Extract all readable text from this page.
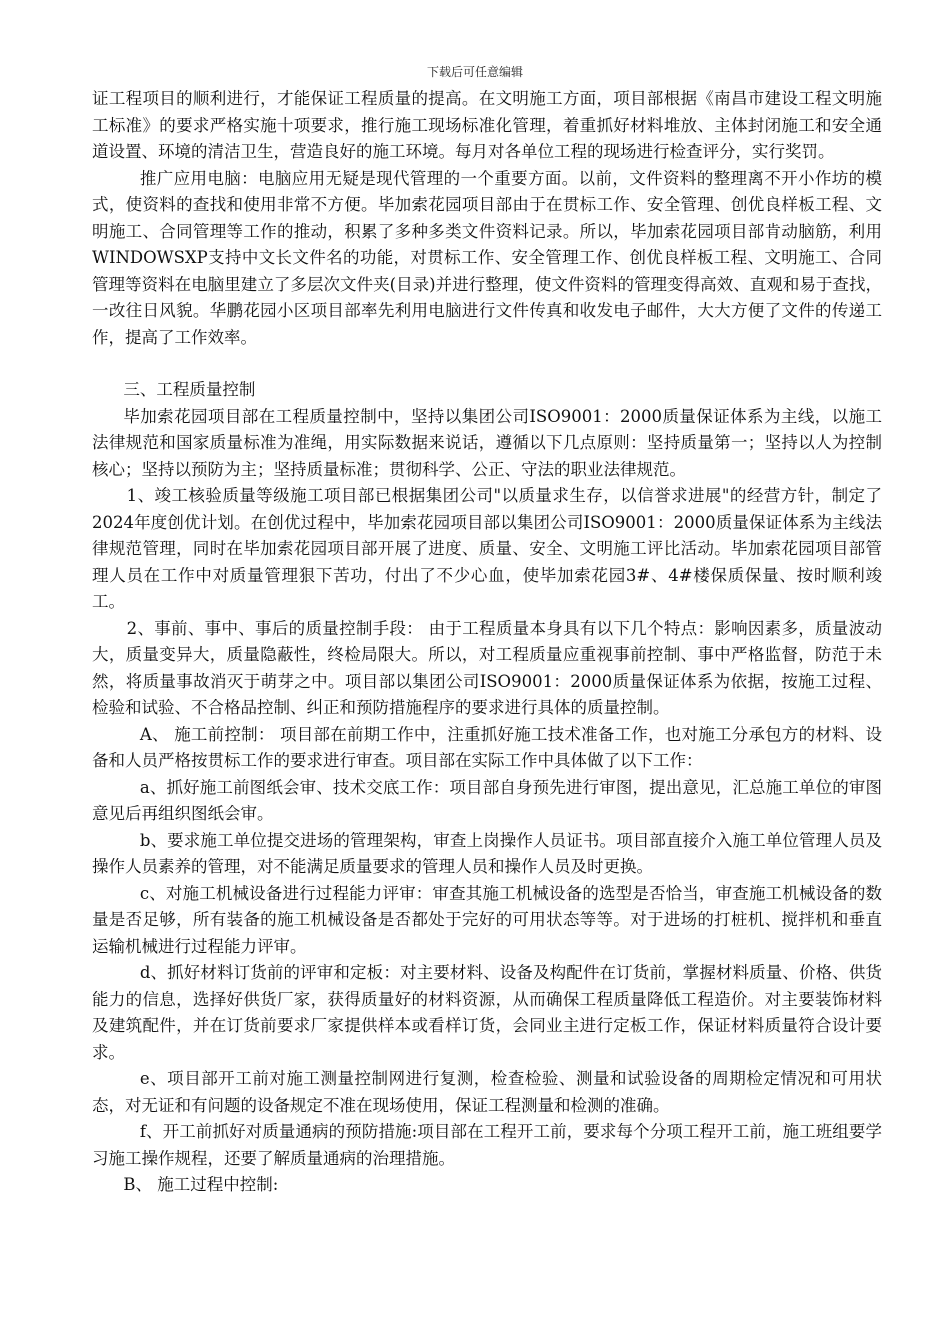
下载后可任意编辑

证工程项目的顺利进行，才能保证工程质量的提高。在文明施工方面，项目部根据《南昌市建设工程文明施工标准》的要求严格实施十项要求，推行施工现场标准化管理，着重抓好材料堆放、主体封闭施工和安全通道设置、环境的清洁卫生，营造良好的施工环境。每月对各单位工程的现场进行检查评分，实行奖罚。

推广应用电脑：电脑应用无疑是现代管理的一个重要方面。以前，文件资料的整理离不开小作坊的模式，使资料的查找和使用非常不方便。毕加索花园项目部由于在贯标工作、安全管理、创优良样板工程、文明施工、合同管理等工作的推动，积累了多种多类文件资料记录。所以，毕加索花园项目部肯动脑筋，利用WINDOWSXP支持中文长文件名的功能，对贯标工作、安全管理工作、创优良样板工程、文明施工、合同管理等资料在电脑里建立了多层次文件夹(目录)并进行整理，使文件资料的管理变得高效、直观和易于查找，一改往日风貌。华鹏花园小区项目部率先利用电脑进行文件传真和收发电子邮件，大大方便了文件的传递工作，提高了工作效率。

三、工程质量控制

毕加索花园项目部在工程质量控制中，坚持以集团公司ISO9001：2000质量保证体系为主线，以施工法律规范和国家质量标准为准绳，用实际数据来说话，遵循以下几点原则：坚持质量第一；坚持以人为控制核心；坚持以预防为主；坚持质量标准；贯彻科学、公正、守法的职业法律规范。

1、竣工核验质量等级施工项目部已根据集团公司"以质量求生存，以信誉求进展"的经营方针，制定了2024年度创优计划。在创优过程中，毕加索花园项目部以集团公司ISO9001：2000质量保证体系为主线法律规范管理，同时在毕加索花园项目部开展了进度、质量、安全、文明施工评比活动。毕加索花园项目部管理人员在工作中对质量管理狠下苦功，付出了不少心血，使毕加索花园3#、4#楼保质保量、按时顺利竣工。

2、事前、事中、事后的质量控制手段： 由于工程质量本身具有以下几个特点：影响因素多，质量波动大，质量变异大，质量隐蔽性，终检局限大。所以，对工程质量应重视事前控制、事中严格监督，防范于未然，将质量事故消灭于萌芽之中。项目部以集团公司ISO9001：2000质量保证体系为依据，按施工过程、检验和试验、不合格品控制、纠正和预防措施程序的要求进行具体的质量控制。

A、 施工前控制： 项目部在前期工作中，注重抓好施工技术准备工作，也对施工分承包方的材料、设备和人员严格按贯标工作的要求进行审查。项目部在实际工作中具体做了以下工作：

a、抓好施工前图纸会审、技术交底工作：项目部自身预先进行审图，提出意见，汇总施工单位的审图意见后再组织图纸会审。

b、要求施工单位提交进场的管理架构，审查上岗操作人员证书。项目部直接介入施工单位管理人员及操作人员素养的管理，对不能满足质量要求的管理人员和操作人员及时更换。

c、对施工机械设备进行过程能力评审：审查其施工机械设备的选型是否恰当，审查施工机械设备的数量是否足够，所有装备的施工机械设备是否都处于完好的可用状态等等。对于进场的打桩机、搅拌机和垂直运输机械进行过程能力评审。

d、抓好材料订货前的评审和定板：对主要材料、设备及构配件在订货前，掌握材料质量、价格、供货能力的信息，选择好供货厂家，获得质量好的材料资源，从而确保工程质量降低工程造价。对主要装饰材料及建筑配件，并在订货前要求厂家提供样本或看样订货，会同业主进行定板工作，保证材料质量符合设计要求。

e、项目部开工前对施工测量控制网进行复测，检查检验、测量和试验设备的周期检定情况和可用状态，对无证和有问题的设备规定不准在现场使用，保证工程测量和检测的准确。

f、开工前抓好对质量通病的预防措施:项目部在工程开工前，要求每个分项工程开工前，施工班组要学习施工操作规程，还要了解质量通病的治理措施。

B、 施工过程中控制:
